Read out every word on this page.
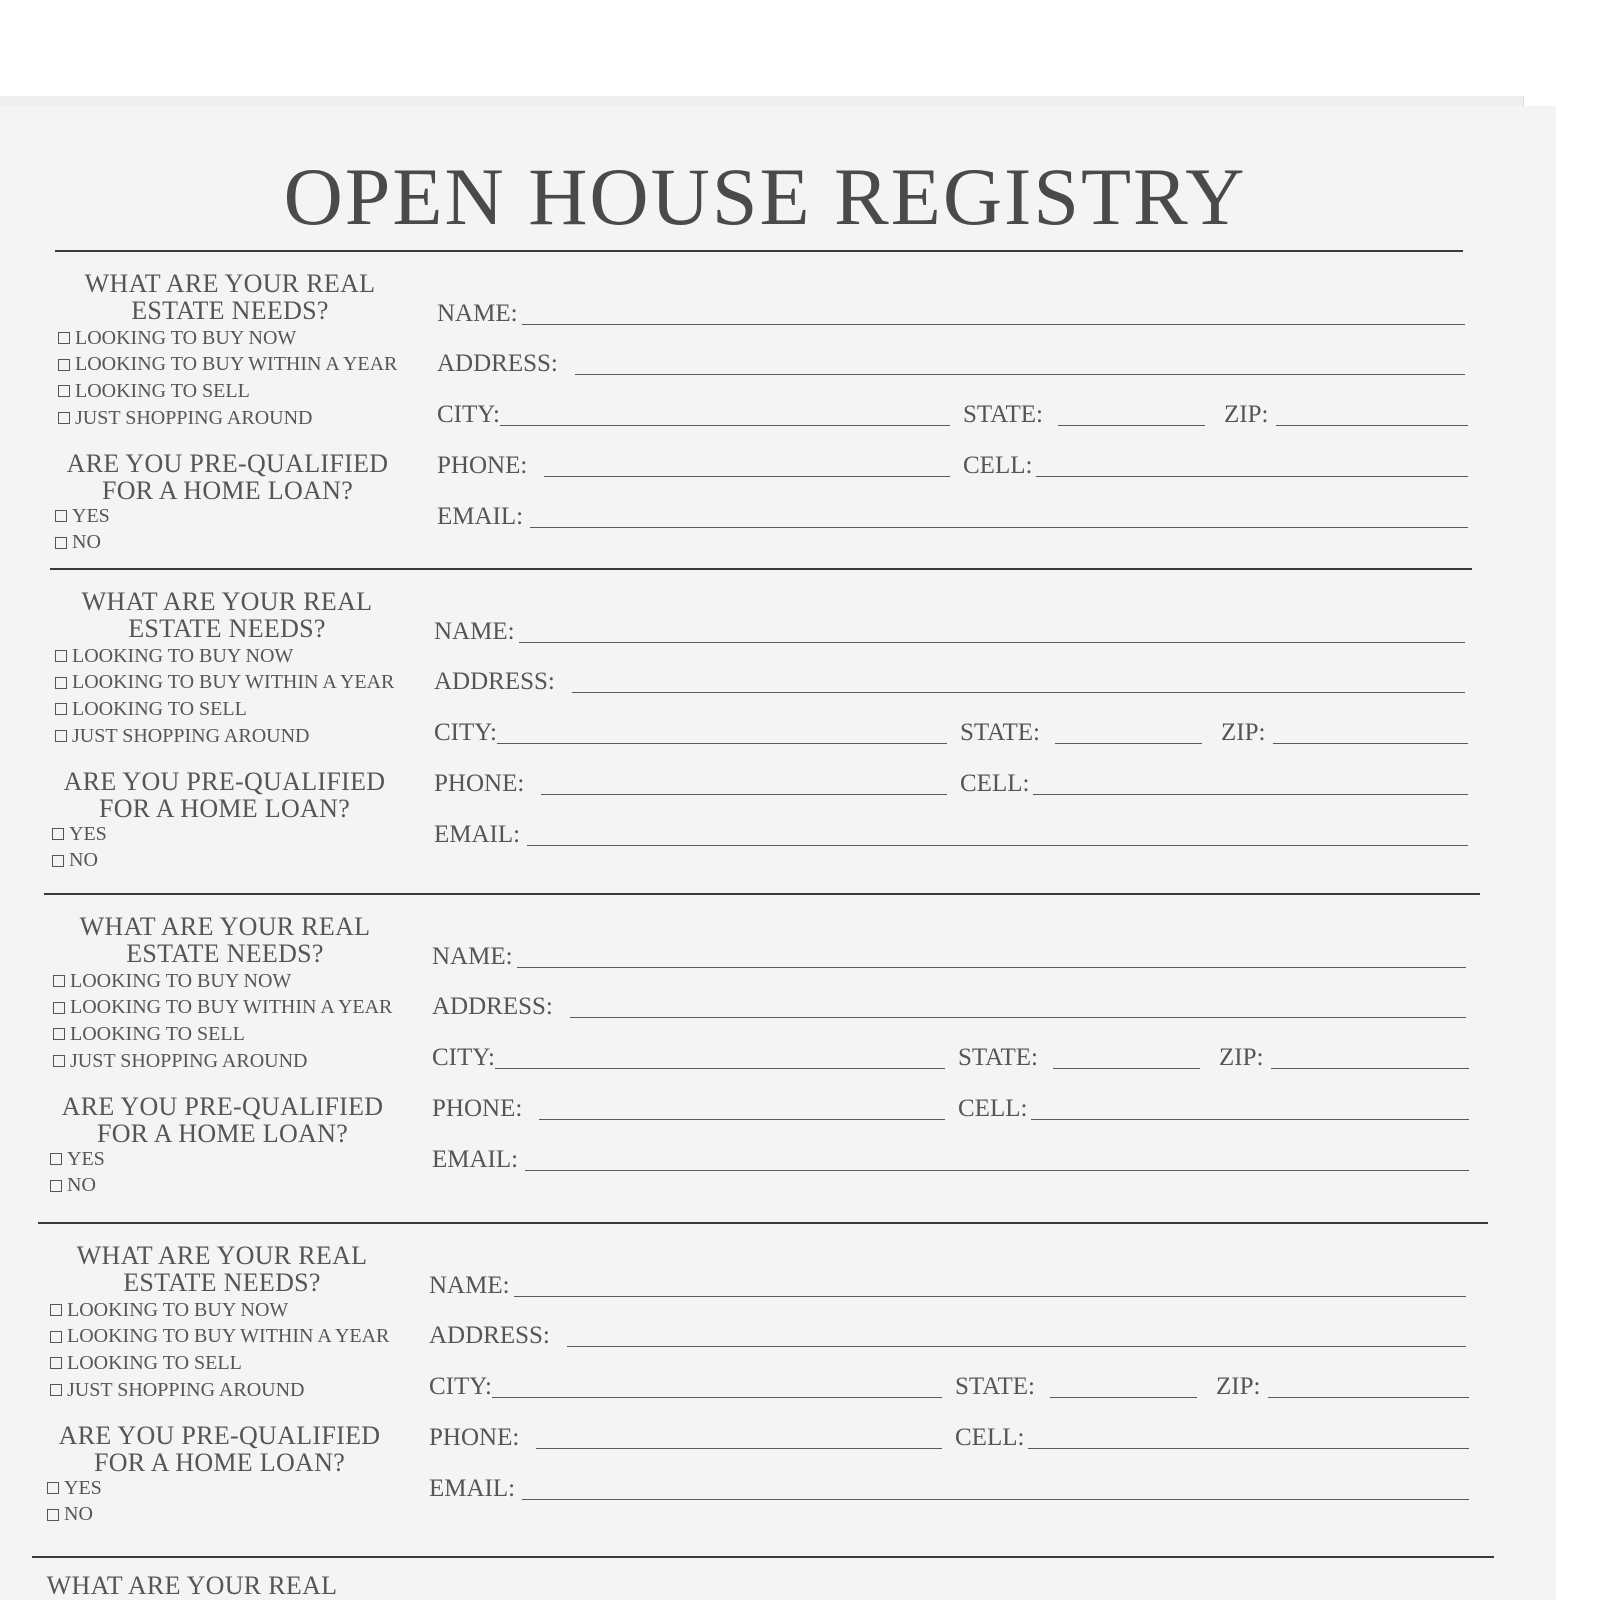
OPEN HOUSE REGISTRY
WHAT ARE YOUR REAL
ESTATE NEEDS?
LOOKING TO BUY NOW
LOOKING TO BUY WITHIN A YEAR
LOOKING TO SELL
JUST SHOPPING AROUND
ARE YOU PRE-QUALIFIED
FOR A HOME LOAN?
YES
NO
NAME:
ADDRESS:
CITY:	STATE:	ZIP:
PHONE:	CELL:
EMAIL:
WHAT ARE YOUR REAL
ESTATE NEEDS?
LOOKING TO BUY NOW
LOOKING TO BUY WITHIN A YEAR
LOOKING TO SELL
JUST SHOPPING AROUND
ARE YOU PRE-QUALIFIED
FOR A HOME LOAN?
YES
NO
NAME:
ADDRESS:
CITY:	STATE:	ZIP:
PHONE:	CELL:
EMAIL:
WHAT ARE YOUR REAL
ESTATE NEEDS?
LOOKING TO BUY NOW
LOOKING TO BUY WITHIN A YEAR
LOOKING TO SELL
JUST SHOPPING AROUND
ARE YOU PRE-QUALIFIED
FOR A HOME LOAN?
YES
NO
NAME:
ADDRESS:
CITY:	STATE:	ZIP:
PHONE:	CELL:
EMAIL:
WHAT ARE YOUR REAL
ESTATE NEEDS?
LOOKING TO BUY NOW
LOOKING TO BUY WITHIN A YEAR
LOOKING TO SELL
JUST SHOPPING AROUND
ARE YOU PRE-QUALIFIED
FOR A HOME LOAN?
YES
NO
NAME:
ADDRESS:
CITY:	STATE:	ZIP:
PHONE:	CELL:
EMAIL:
WHAT ARE YOUR REAL
